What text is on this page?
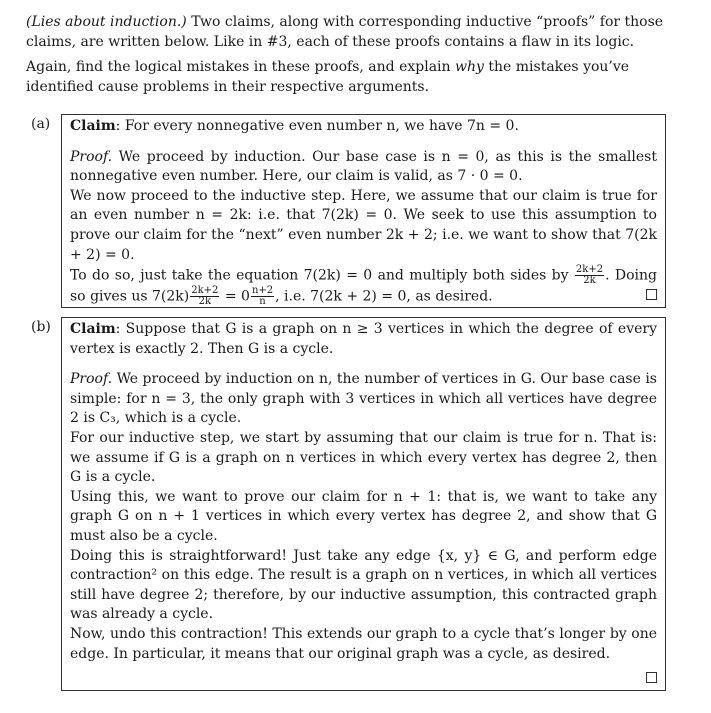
(Lies about induction.) Two claims, along with corresponding inductive “proofs” for those claims, are written below. Like in #3, each of these proofs contains a flaw in its logic.

Again, find the logical mistakes in these proofs, and explain why the mistakes you’ve identified cause problems in their respective arguments.

(a) Claim: For every nonnegative even number n, we have 7n = 0.

Proof. We proceed by induction. Our base case is n = 0, as this is the smallest nonnegative even number. Here, our claim is valid, as 7 · 0 = 0.

We now proceed to the inductive step. Here, we assume that our claim is true for an even number n = 2k: i.e. that 7(2k) = 0. We seek to use this assumption to prove our claim for the “next” even number 2k + 2; i.e. we want to show that 7(2k + 2) = 0.

To do so, just take the equation 7(2k) = 0 and multiply both sides by $\frac{2k+2}{2k}$ . Doing so gives us $7(2k) \frac{2k+2}{2k} = 0 \frac{n+2}{n}$ , i.e. 7(2k + 2) = 0, as desired.

(b) Claim: Suppose that G is a graph on n ≥ 3 vertices in which the degree of every vertex is exactly 2. Then G is a cycle.

Proof. We proceed by induction on n, the number of vertices in G. Our base case is simple: for n = 3, the only graph with 3 vertices in which all vertices have degree 2 is C₃, which is a cycle.

For our inductive step, we start by assuming that our claim is true for n. That is: we assume if G is a graph on n vertices in which every vertex has degree 2, then G is a cycle.

Using this, we want to prove our claim for n + 1: that is, we want to take any graph G on n + 1 vertices in which every vertex has degree 2, and show that G must also be a cycle.

Doing this is straightforward! Just take any edge {x, y} ∈ G, and perform edge contraction² on this edge. The result is a graph on n vertices, in which all vertices still have degree 2; therefore, by our inductive assumption, this contracted graph was already a cycle.

Now, undo this contraction! This extends our graph to a cycle that’s longer by one edge. In particular, it means that our original graph was a cycle, as desired.
